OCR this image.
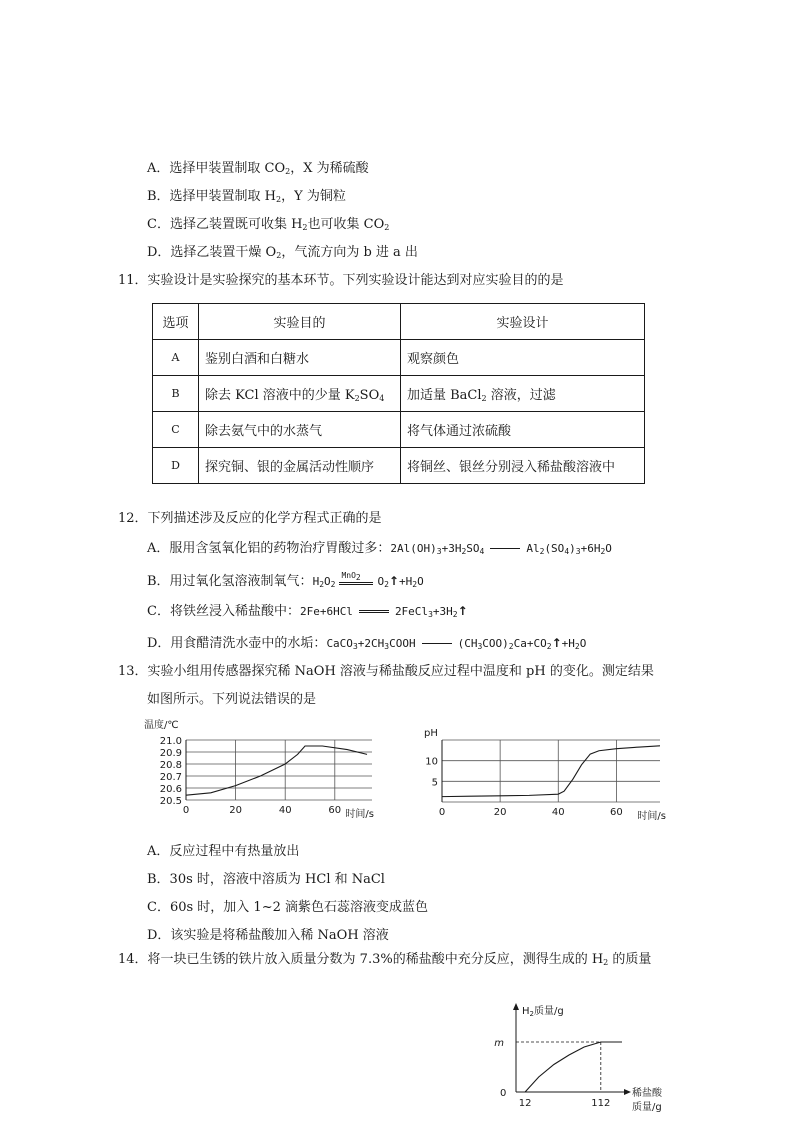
A．选择甲装置制取 $CO_2$，X 为稀硫酸
B．选择甲装置制取 $H_2$，Y 为铜粒
C．选择乙装置既可收集 $H_2$也可收集 $CO_2$
D．选择乙装置干燥 $O_2$，气流方向为 b 进 a 出
11．实验设计是实验探究的基本环节。下列实验设计能达到对应实验目的的是
选项	实验目的	实验设计
A	鉴别白酒和白糖水	观察颜色
B	除去 KCl 溶液中的少量 $K_2SO_4$	加适量 BaCl$_2$ 溶液，过滤
C	除去氨气中的水蒸气	将气体通过浓硫酸
D	探究铜、银的金属活动性顺序	将铜丝、银丝分别浸入稀盐酸溶液中
12．下列描述涉及反应的化学方程式正确的是
A．服用含氢氧化铝的药物治疗胃酸过多：$2Al(OH)_3+3H_2SO_4$	$Al_2(SO_4)_3+6H_2O$
B．用过氧化氢溶液制氧气：$H_2O_2$
MnO$_2$ $O_2↑+H_2O$
C．将铁丝浸入稀盐酸中：2Fe+6HCl	$2FeCl_3+3H_2↑$
D．用食醋清洗水壶中的水垢：$CaCO_3+2CH_3COOH$	$(CH_3COO)_2Ca+CO_2↑+H_2O$
13．实验小组用传感器探究稀 NaOH 溶液与稀盐酸反应过程中温度和 pH 的变化。测定结果
如图所示。下列说法错误的是
温度/℃
20.5
20.6
20.7
20.8
20.9
21.0
0	20	40	60 时间/s
pH
5
10
0	20	40	60 时间/s
A．反应过程中有热量放出
B．30s 时，溶液中溶质为 HCl 和 NaCl
C．60s 时，加入 1~2 滴紫色石蕊溶液变成蓝色
D．该实验是将稀盐酸加入稀 NaOH 溶液
14．将一块已生锈的铁片放入质量分数为 7.3%的稀盐酸中充分反应，测得生成的 $H_2$ 的质量
$H_2$质量/g
m
0
12	112
稀盐酸
质量/g
